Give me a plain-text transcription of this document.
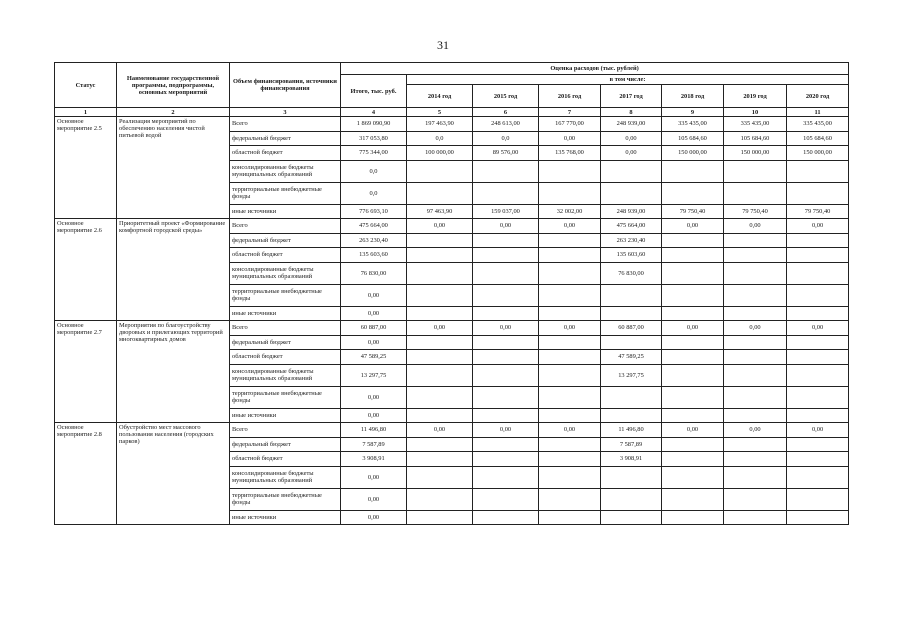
31
Статус	Наименование государственной программы, подпрограммы, основных мероприятий	Объем финансирования, источники финансирования	Оценка расходов (тыс. рублей)							
			Итого, тыс. руб.	в том числе:						
				2014 год	2015 год	2016 год	2017 год	2018 год	2019 год	2020 год
1	2	3	4	5	6	7	8	9	10	11
Основное мероприятие 2.5	Реализация мероприятий по обеспечению населения чистой питьевой водой	Всего	1 869 090,90	197 463,90	248 613,00	167 770,00	248 939,00	335 435,00	335 435,00	335 435,00
		федеральный бюджет	317 053,80	0,0	0,0	0,00	0,00	105 684,60	105 684,60	105 684,60
		областной бюджет	775 344,00	100 000,00	89 576,00	135 768,00	0,00	150 000,00	150 000,00	150 000,00
		консолидированные бюджеты муниципальных образований	0,0							
		территориальные внебюджетные фонды	0,0							
		иные источники	776 693,10	97 463,90	159 037,00	32 002,00	248 939,00	79 750,40	79 750,40	79 750,40
Основное мероприятие 2.6	Приоритетный проект «Формирование комфортной городской среды»	Всего	475 664,00	0,00	0,00	0,00	475 664,00	0,00	0,00	0,00
		федеральный бюджет	263 230,40				263 230,40			
		областной бюджет	135 603,60				135 603,60			
		консолидированные бюджеты муниципальных образований	76 830,00				76 830,00			
		территориальные внебюджетные фонды	0,00							
		иные источники	0,00							
Основное мероприятие 2.7	Мероприятия по благоустройству дворовых и прилегающих территорий многоквартирных домов	Всего	60 887,00	0,00	0,00	0,00	60 887,00	0,00	0,00	0,00
		федеральный бюджет	0,00							
		областной бюджет	47 589,25				47 589,25			
		консолидированные бюджеты муниципальных образований	13 297,75				13 297,75			
		территориальные внебюджетные фонды	0,00							
		иные источники	0,00							
Основное мероприятие 2.8	Обустройство мест массового пользования населения (городских парков)	Всего	11 496,80	0,00	0,00	0,00	11 496,80	0,00	0,00	0,00
		федеральный бюджет	7 587,89				7 587,89			
		областной бюджет	3 908,91				3 908,91			
		консолидированные бюджеты муниципальных образований	0,00							
		территориальные внебюджетные фонды	0,00							
		иные источники	0,00							
